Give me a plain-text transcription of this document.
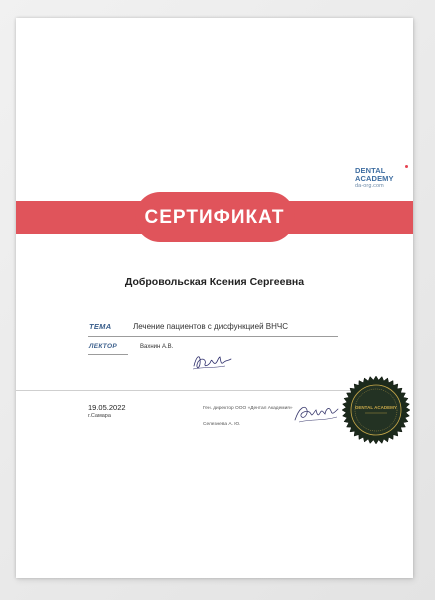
DENTAL
ACADEMY
da-org.com
СЕРТИФИКАТ
Добровольская Ксения Сергеевна
ТЕМА	Лечение пациентов с дисфункцией ВНЧС
ЛЕКТОР	Вахнин А.В.
19.05.2022
г.Самара
Ген. директор ООО «Дентал Академия»
Селезнева А. Ю.
DENTAL ACADEMY
